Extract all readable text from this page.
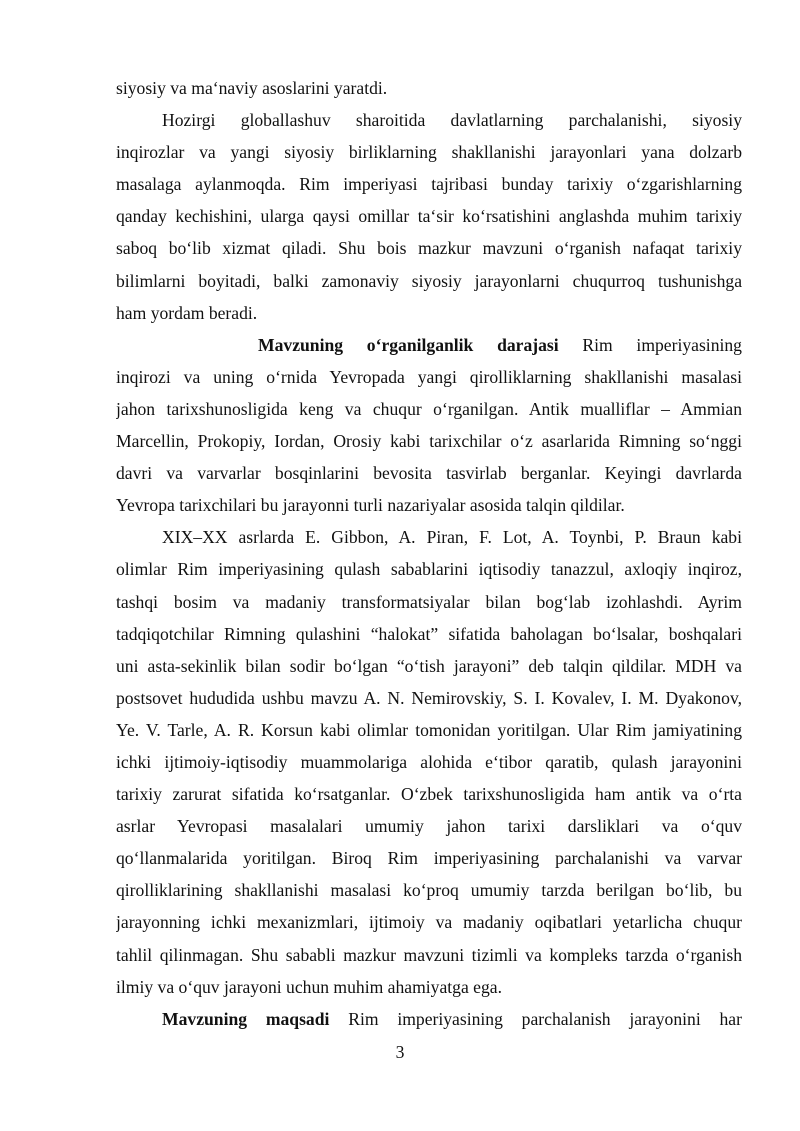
siyosiy va ma‘naviy asoslarini yaratdi.
Hozirgi globallashuv sharoitida davlatlarning parchalanishi, siyosiy
inqirozlar va yangi siyosiy birliklarning shakllanishi jarayonlari yana dolzarb
masalaga aylanmoqda. Rim imperiyasi tajribasi bunday tarixiy o‘zgarishlarning
qanday kechishini, ularga qaysi omillar ta‘sir ko‘rsatishini anglashda muhim tarixiy
saboq bo‘lib xizmat qiladi. Shu bois mazkur mavzuni o‘rganish nafaqat tarixiy
bilimlarni boyitadi, balki zamonaviy siyosiy jarayonlarni chuqurroq tushunishga
ham yordam beradi.
Mavzuning o‘rganilganlik darajasi Rim imperiyasining
inqirozi va uning o‘rnida Yevropada yangi qirolliklarning shakllanishi masalasi
jahon tarixshunosligida keng va chuqur o‘rganilgan. Antik mualliflar – Ammian
Marcellin, Prokopiy, Iordan, Orosiy kabi tarixchilar o‘z asarlarida Rimning so‘nggi
davri va varvarlar bosqinlarini bevosita tasvirlab berganlar. Keyingi davrlarda
Yevropa tarixchilari bu jarayonni turli nazariyalar asosida talqin qildilar.
XIX–XX asrlarda E. Gibbon, A. Piran, F. Lot, A. Toynbi, P. Braun kabi
olimlar Rim imperiyasining qulash sabablarini iqtisodiy tanazzul, axloqiy inqiroz,
tashqi bosim va madaniy transformatsiyalar bilan bog‘lab izohlashdi. Ayrim
tadqiqotchilar Rimning qulashini “halokat” sifatida baholagan bo‘lsalar, boshqalari
uni asta-sekinlik bilan sodir bo‘lgan “o‘tish jarayoni” deb talqin qildilar. MDH va
postsovet hududida ushbu mavzu A. N. Nemirovskiy, S. I. Kovalev, I. M. Dyakonov,
Ye. V. Tarle, A. R. Korsun kabi olimlar tomonidan yoritilgan. Ular Rim jamiyatining
ichki ijtimoiy-iqtisodiy muammolariga alohida e‘tibor qaratib, qulash jarayonini
tarixiy zarurat sifatida ko‘rsatganlar. O‘zbek tarixshunosligida ham antik va o‘rta
asrlar Yevropasi masalalari umumiy jahon tarixi darsliklari va o‘quv
qo‘llanmalarida yoritilgan. Biroq Rim imperiyasining parchalanishi va varvar
qirolliklarining shakllanishi masalasi ko‘proq umumiy tarzda berilgan bo‘lib, bu
jarayonning ichki mexanizmlari, ijtimoiy va madaniy oqibatlari yetarlicha chuqur
tahlil qilinmagan. Shu sababli mazkur mavzuni tizimli va kompleks tarzda o‘rganish
ilmiy va o‘quv jarayoni uchun muhim ahamiyatga ega.
Mavzuning maqsadi Rim imperiyasining parchalanish jarayonini har
3
